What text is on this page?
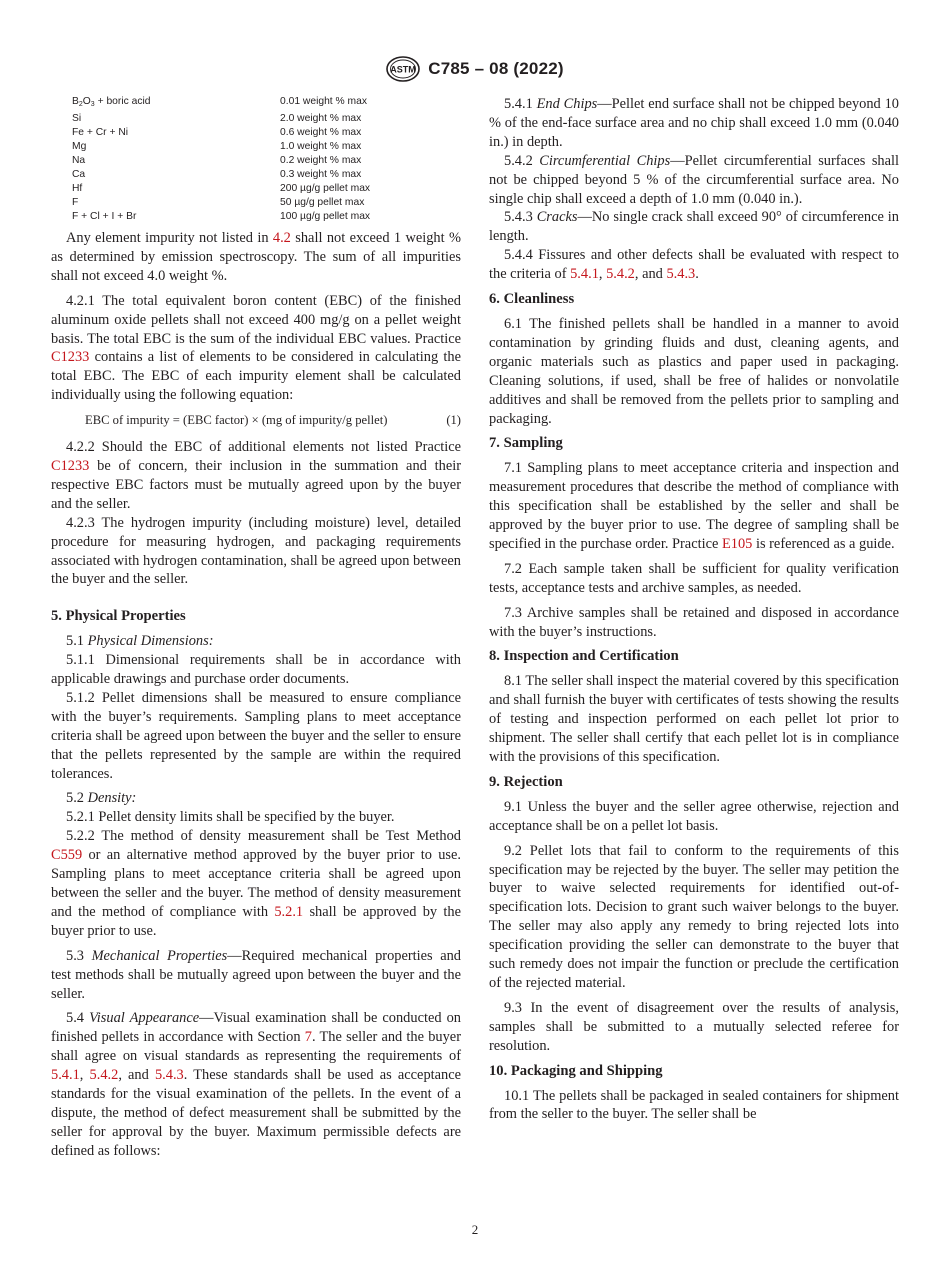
ASTM C785 – 08 (2022)
$B_2O_3$ + boric acid	0.01 weight % max
Si	2.0 weight % max
Fe + Cr + Ni	0.6 weight % max
Mg	1.0 weight % max
Na	0.2 weight % max
Ca	0.3 weight % max
Hf	200 µg/g pellet max
F	50 µg/g pellet max
F + Cl + I + Br	100 µg/g pellet max

Any element impurity not listed in 4.2 shall not exceed 1 weight % as determined by emission spectroscopy. The sum of all impurities shall not exceed 4.0 weight %.

4.2.1 The total equivalent boron content (EBC) of the finished aluminum oxide pellets shall not exceed 400 mg/g on a pellet weight basis. The total EBC is the sum of the individual EBC values. Practice C1233 contains a list of elements to be considered in calculating the total EBC. The EBC of each impurity element shall be calculated individually using the following equation:

EBC of impurity = (EBC factor) × (mg of impurity/g pellet)	(1)

4.2.2 Should the EBC of additional elements not listed Practice C1233 be of concern, their inclusion in the summation and their respective EBC factors must be mutually agreed upon by the buyer and the seller.

4.2.3 The hydrogen impurity (including moisture) level, detailed procedure for measuring hydrogen, and packaging requirements associated with hydrogen contamination, shall be agreed upon between the buyer and the seller.

5. Physical Properties

5.1 Physical Dimensions:

5.1.1 Dimensional requirements shall be in accordance with applicable drawings and purchase order documents.

5.1.2 Pellet dimensions shall be measured to ensure compliance with the buyer’s requirements. Sampling plans to meet acceptance criteria shall be agreed upon between the buyer and the seller to ensure that the pellets represented by the sample are within the required tolerances.

5.2 Density:

5.2.1 Pellet density limits shall be specified by the buyer.

5.2.2 The method of density measurement shall be Test Method C559 or an alternative method approved by the buyer prior to use. Sampling plans to meet acceptance criteria shall be agreed upon between the seller and the buyer. The method of density measurement and the method of compliance with 5.2.1 shall be approved by the buyer prior to use.

5.3 Mechanical Properties—Required mechanical properties and test methods shall be mutually agreed upon between the buyer and the seller.

5.4 Visual Appearance—Visual examination shall be conducted on finished pellets in accordance with Section 7. The seller and the buyer shall agree on visual standards as representing the requirements of 5.4.1, 5.4.2, and 5.4.3. These standards shall be used as acceptance standards for the visual examination of the pellets. In the event of a dispute, the method of defect measurement shall be submitted by the seller for approval by the buyer. Maximum permissible defects are defined as follows:

5.4.1 End Chips—Pellet end surface shall not be chipped beyond 10 % of the end-face surface area and no chip shall exceed 1.0 mm (0.040 in.) in depth.

5.4.2 Circumferential Chips—Pellet circumferential surfaces shall not be chipped beyond 5 % of the circumferential surface area. No single chip shall exceed a depth of 1.0 mm (0.040 in.).

5.4.3 Cracks—No single crack shall exceed 90° of circumference in length.

5.4.4 Fissures and other defects shall be evaluated with respect to the criteria of 5.4.1, 5.4.2, and 5.4.3.

6. Cleanliness

6.1 The finished pellets shall be handled in a manner to avoid contamination by grinding fluids and dust, cleaning agents, and organic materials such as plastics and paper used in packaging. Cleaning solutions, if used, shall be free of halides or nonvolatile additives and shall be removed from the pellets prior to sampling and packaging.

7. Sampling

7.1 Sampling plans to meet acceptance criteria and inspection and measurement procedures that describe the method of compliance with this specification shall be established by the seller and shall be approved by the buyer prior to use. The degree of sampling shall be specified in the purchase order. Practice E105 is referenced as a guide.

7.2 Each sample taken shall be sufficient for quality verification tests, acceptance tests and archive samples, as needed.

7.3 Archive samples shall be retained and disposed in accordance with the buyer’s instructions.

8. Inspection and Certification

8.1 The seller shall inspect the material covered by this specification and shall furnish the buyer with certificates of tests showing the results of testing and inspection performed on each pellet lot prior to shipment. The seller shall certify that each pellet lot is in compliance with the provisions of this specification.

9. Rejection

9.1 Unless the buyer and the seller agree otherwise, rejection and acceptance shall be on a pellet lot basis.

9.2 Pellet lots that fail to conform to the requirements of this specification may be rejected by the buyer. The seller may petition the buyer to waive selected requirements for identified out-of-specification lots. Decision to grant such waiver belongs to the buyer. The seller may also apply any remedy to bring rejected lots into specification providing the seller can demonstrate to the buyer that such remedy does not impair the function or preclude the certification of the rejected material.

9.3 In the event of disagreement over the results of analysis, samples shall be submitted to a mutually selected referee for resolution.

10. Packaging and Shipping

10.1 The pellets shall be packaged in sealed containers for shipment from the seller to the buyer. The seller shall be

2
